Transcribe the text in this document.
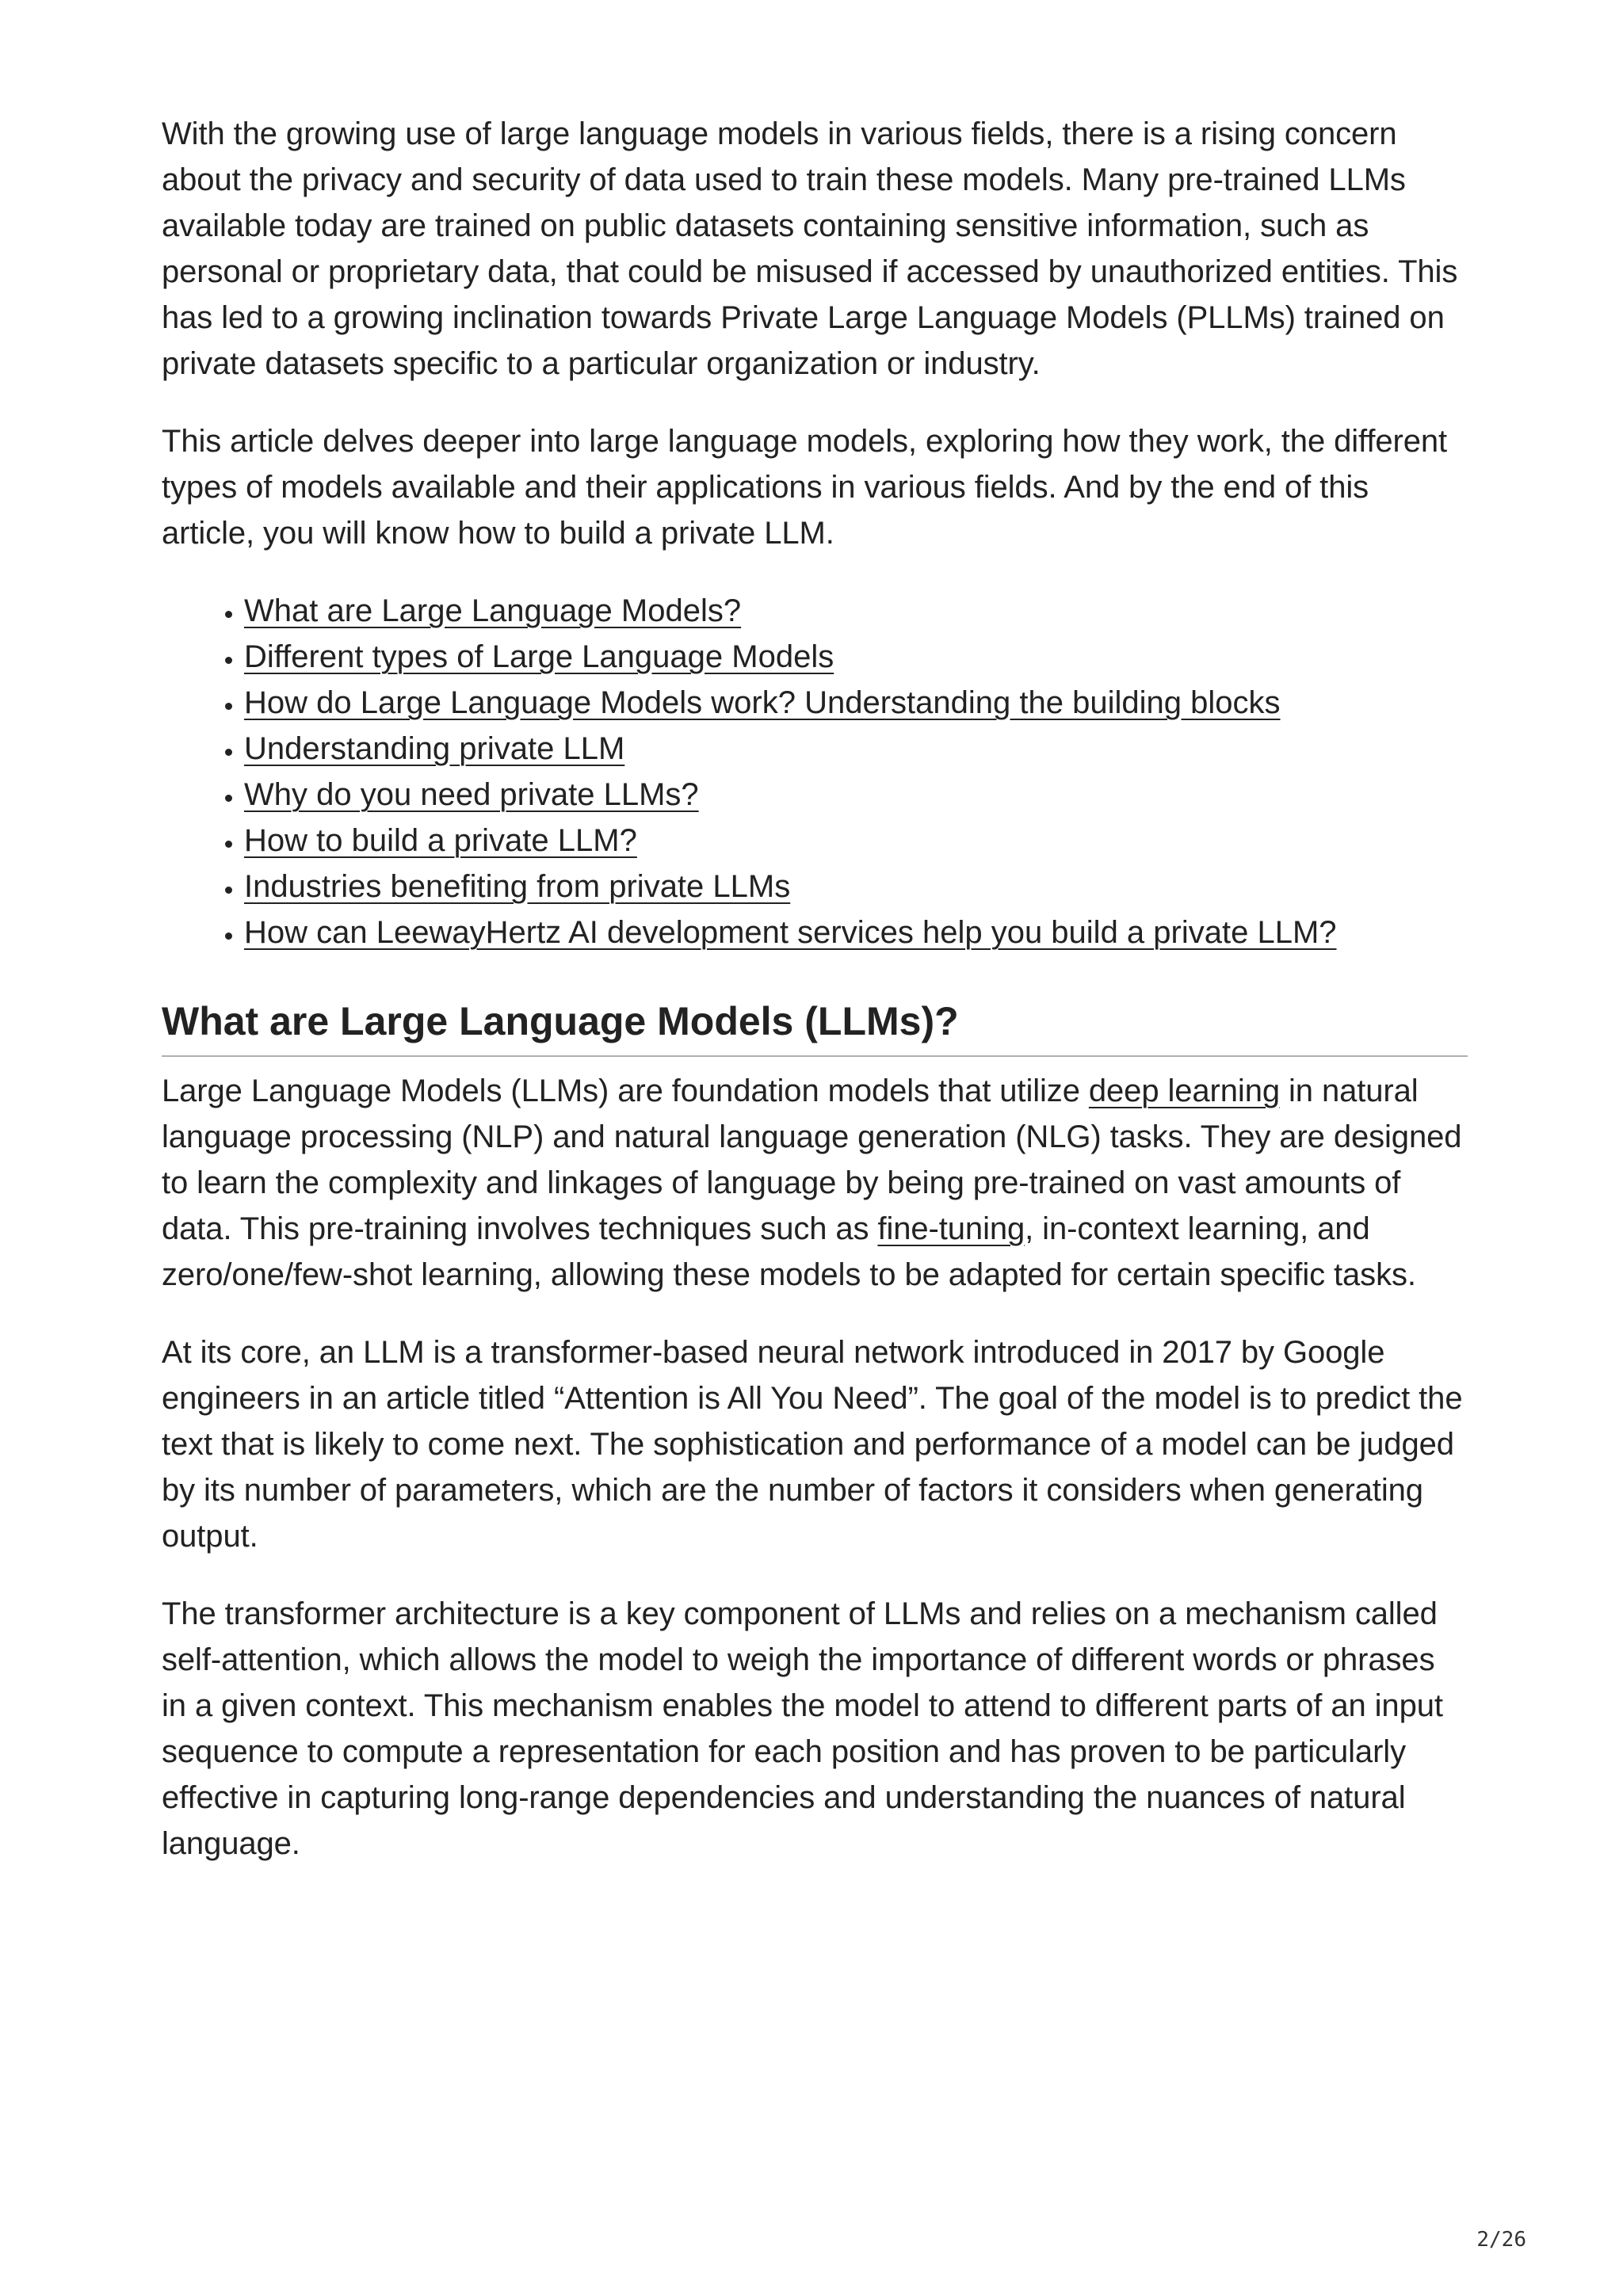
With the growing use of large language models in various fields, there is a rising concern about the privacy and security of data used to train these models. Many pre-trained LLMs available today are trained on public datasets containing sensitive information, such as personal or proprietary data, that could be misused if accessed by unauthorized entities. This has led to a growing inclination towards Private Large Language Models (PLLMs) trained on private datasets specific to a particular organization or industry.

This article delves deeper into large language models, exploring how they work, the different types of models available and their applications in various fields. And by the end of this article, you will know how to build a private LLM.

• What are Large Language Models?
• Different types of Large Language Models
• How do Large Language Models work? Understanding the building blocks
• Understanding private LLM
• Why do you need private LLMs?
• How to build a private LLM?
• Industries benefiting from private LLMs
• How can LeewayHertz AI development services help you build a private LLM?
What are Large Language Models (LLMs)?

Large Language Models (LLMs) are foundation models that utilize deep learning in natural language processing (NLP) and natural language generation (NLG) tasks. They are designed to learn the complexity and linkages of language by being pre-trained on vast amounts of data. This pre-training involves techniques such as fine-tuning, in-context learning, and zero/one/few-shot learning, allowing these models to be adapted for certain specific tasks.

At its core, an LLM is a transformer-based neural network introduced in 2017 by Google engineers in an article titled “Attention is All You Need”. The goal of the model is to predict the text that is likely to come next. The sophistication and performance of a model can be judged by its number of parameters, which are the number of factors it considers when generating output.

The transformer architecture is a key component of LLMs and relies on a mechanism called self-attention, which allows the model to weigh the importance of different words or phrases in a given context. This mechanism enables the model to attend to different parts of an input sequence to compute a representation for each position and has proven to be particularly effective in capturing long-range dependencies and understanding the nuances of natural language.

2/26
